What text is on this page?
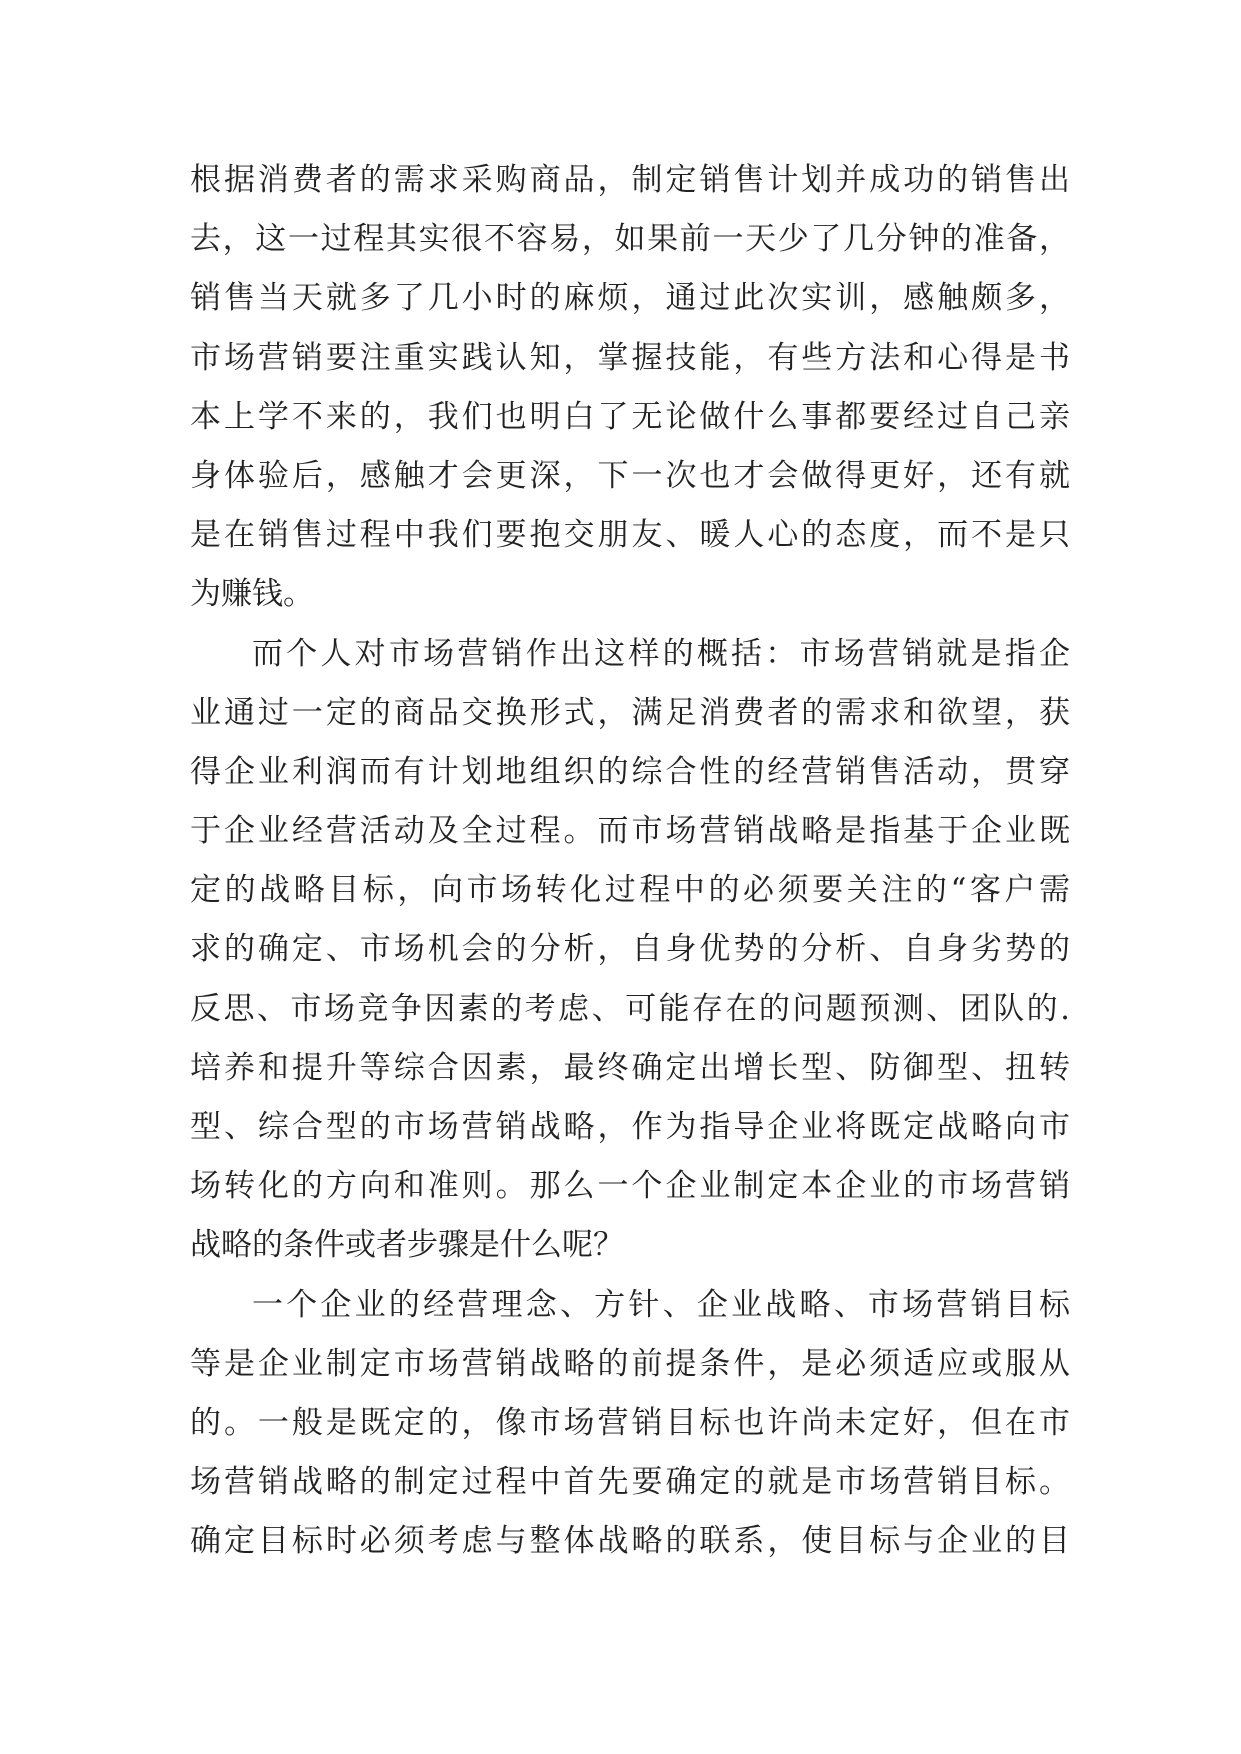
根据消费者的需求采购商品，制定销售计划并成功的销售出
去，这一过程其实很不容易，如果前一天少了几分钟的准备，
销售当天就多了几小时的麻烦，通过此次实训，感触颇多，
市场营销要注重实践认知，掌握技能，有些方法和心得是书
本上学不来的，我们也明白了无论做什么事都要经过自己亲
身体验后，感触才会更深，下一次也才会做得更好，还有就
是在销售过程中我们要抱交朋友、暖人心的态度，而不是只
为赚钱。
而个人对市场营销作出这样的概括：市场营销就是指企
业通过一定的商品交换形式，满足消费者的需求和欲望，获
得企业利润而有计划地组织的综合性的经营销售活动，贯穿
于企业经营活动及全过程。而市场营销战略是指基于企业既
定的战略目标，向市场转化过程中的必须要关注的“客户需
求的确定、市场机会的分析，自身优势的分析、自身劣势的
反思、市场竞争因素的考虑、可能存在的问题预测、团队的.
培养和提升等综合因素，最终确定出增长型、防御型、扭转
型、综合型的市场营销战略，作为指导企业将既定战略向市
场转化的方向和准则。那么一个企业制定本企业的市场营销
战略的条件或者步骤是什么呢？
一个企业的经营理念、方针、企业战略、市场营销目标
等是企业制定市场营销战略的前提条件，是必须适应或服从
的。一般是既定的，像市场营销目标也许尚未定好，但在市
场营销战略的制定过程中首先要确定的就是市场营销目标。
确定目标时必须考虑与整体战略的联系，使目标与企业的目
